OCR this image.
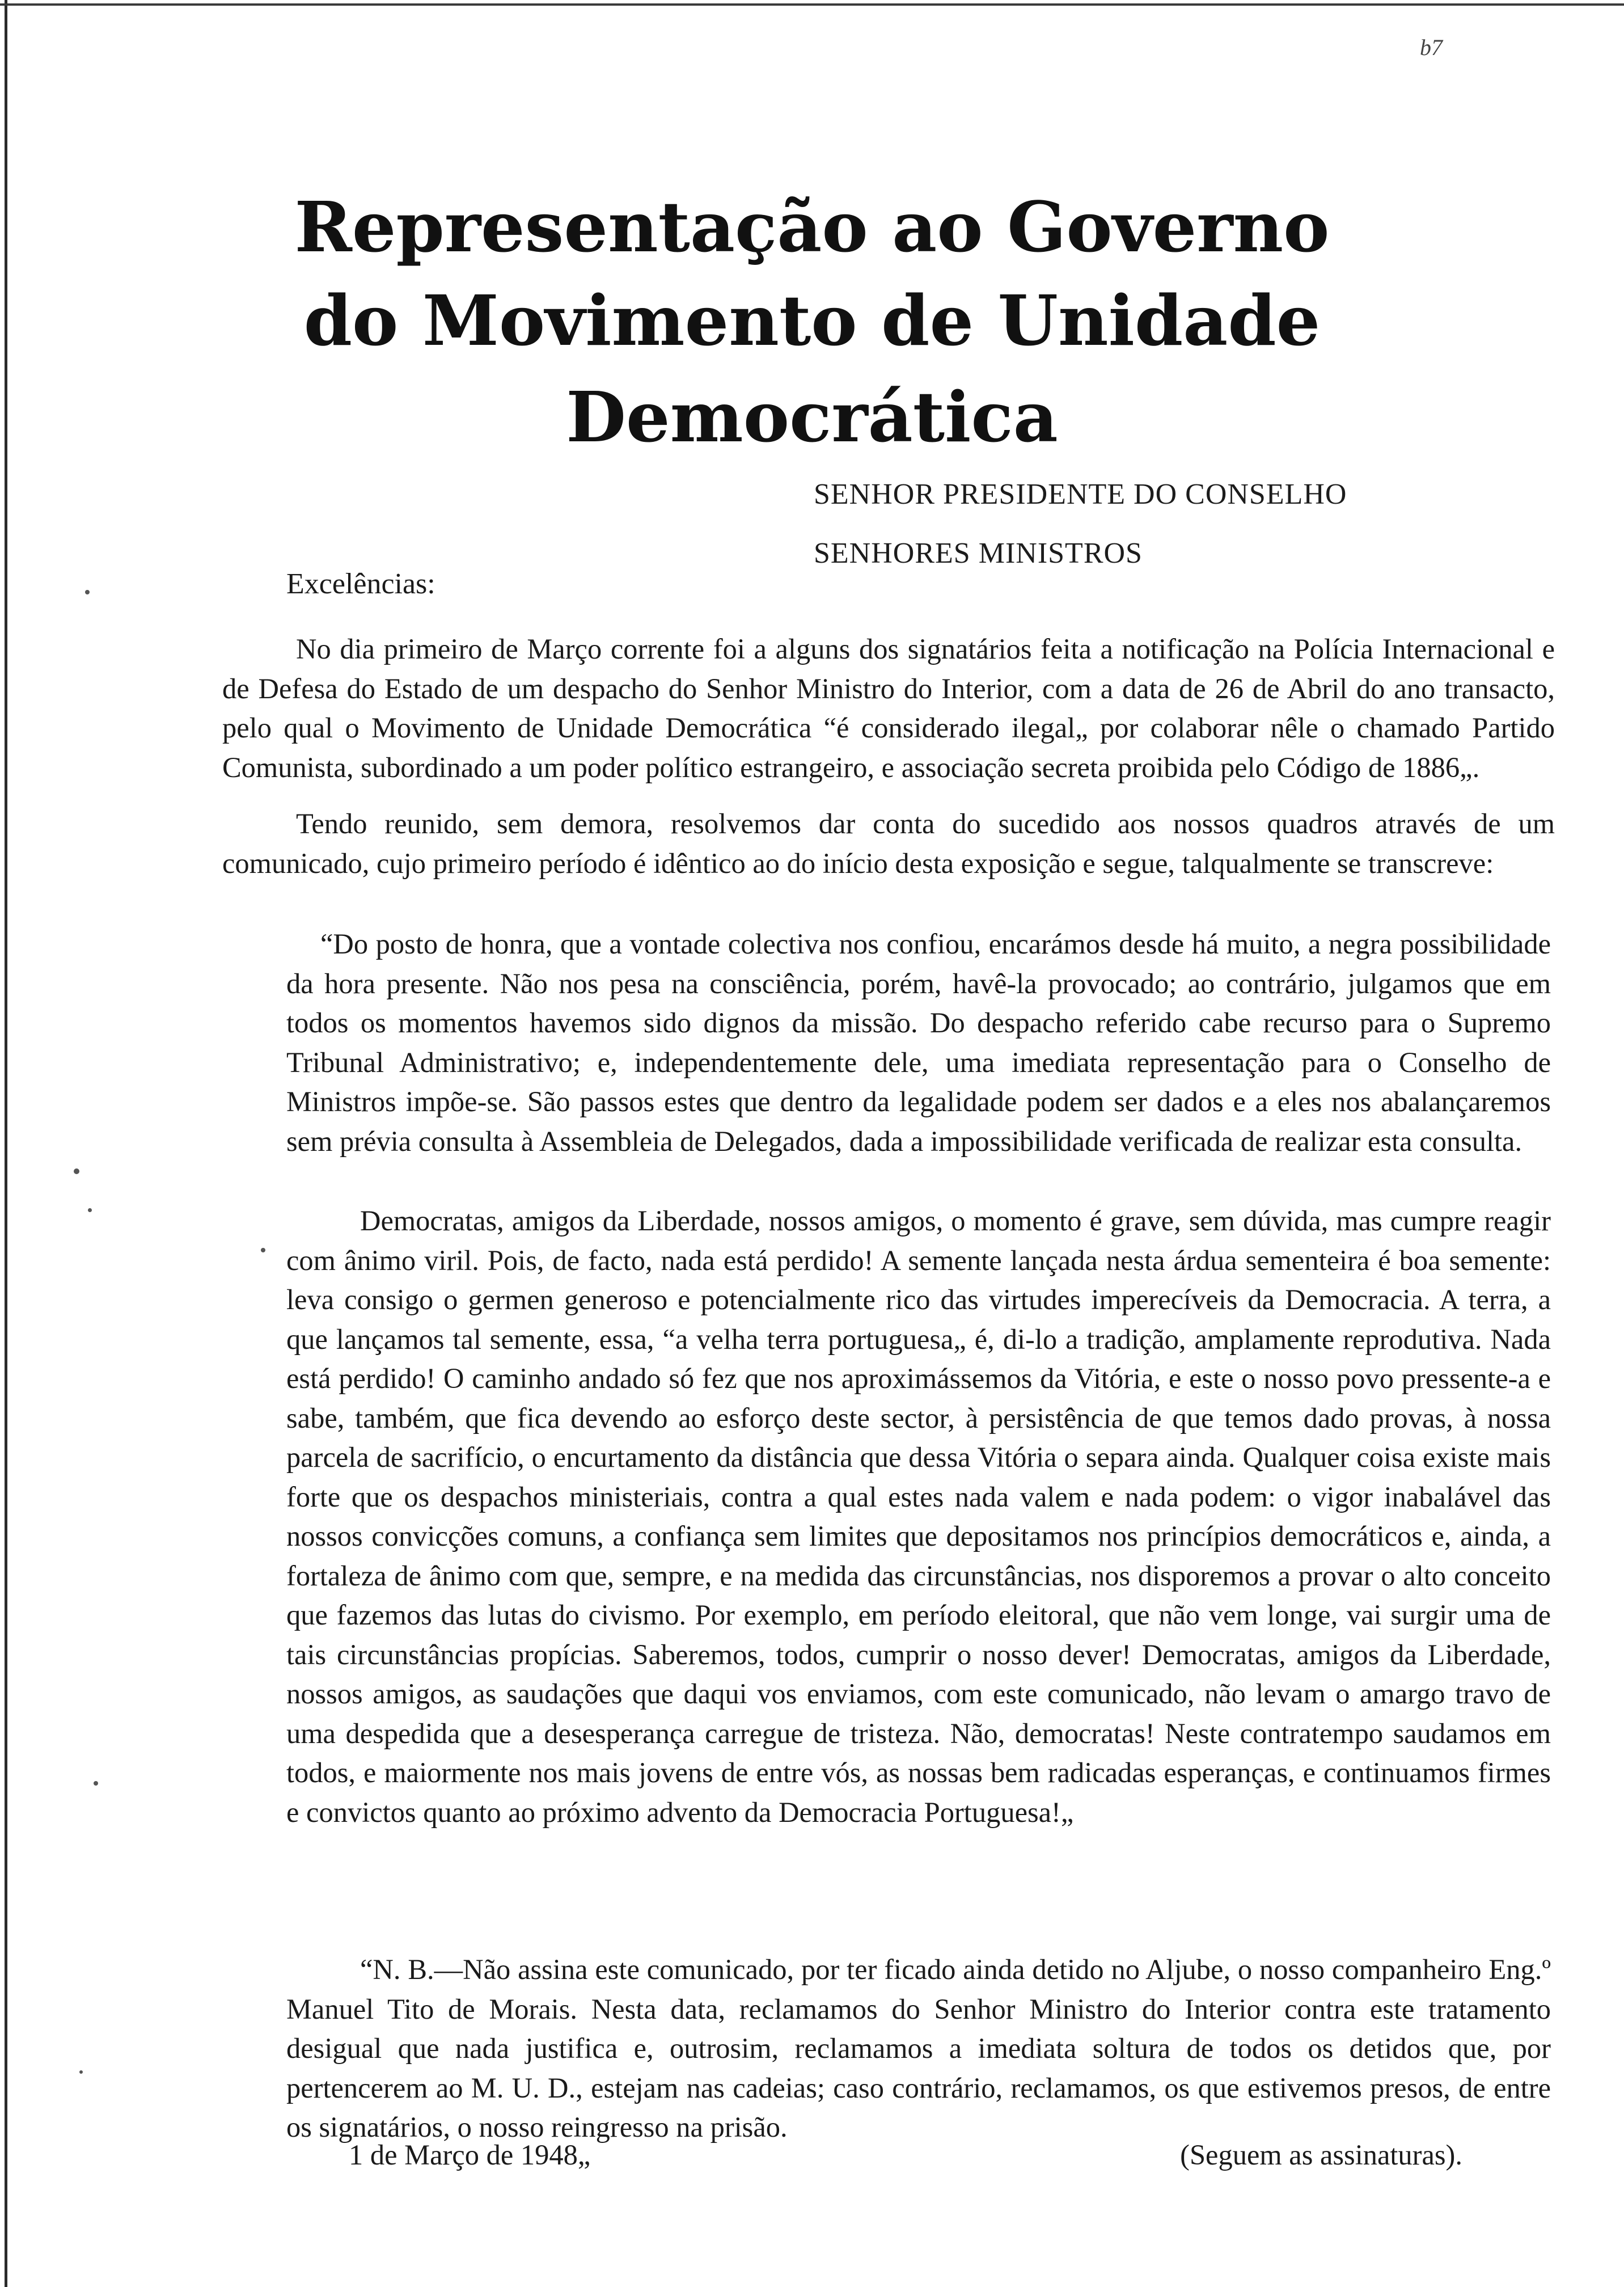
b7
Representação ao Governo
do Movimento de Unidade
Democrática
SENHOR PRESIDENTE DO CONSELHO
SENHORES MINISTROS
Excelências:

No dia primeiro de Março corrente foi a alguns dos signatários feita a notificação na Polícia Internacional e de Defesa do Estado de um despacho do Senhor Ministro do Interior, com a data de 26 de Abril do ano transacto, pelo qual o Movimento de Unidade Democrática “é considerado ilegal„ por colaborar nêle o chamado Partido Comunista, subordinado a um poder político estrangeiro, e associação secreta proibida pelo Código de 1886„.

Tendo reunido, sem demora, resolvemos dar conta do sucedido aos nossos quadros através de um comunicado, cujo primeiro período é idêntico ao do início desta exposição e segue, talqualmente se transcreve:

“Do posto de honra, que a vontade colectiva nos confiou, encarámos desde há muito, a negra possibilidade da hora presente. Não nos pesa na consciência, porém, havê-la provocado; ao contrário, julgamos que em todos os momentos havemos sido dignos da missão. Do despacho referido cabe recurso para o Supremo Tribunal Administrativo; e, independentemente dele, uma imediata representação para o Conselho de Ministros impõe-se. São passos estes que dentro da legalidade podem ser dados e a eles nos abalançaremos sem prévia consulta à Assembleia de Delegados, dada a impossibilidade verificada de realizar esta consulta.

Democratas, amigos da Liberdade, nossos amigos, o momento é grave, sem dúvida, mas cumpre reagir com ânimo viril. Pois, de facto, nada está perdido! A semente lançada nesta árdua sementeira é boa semente: leva consigo o germen generoso e potencialmente rico das virtudes imperecíveis da Democracia. A terra, a que lançamos tal semente, essa, “a velha terra portuguesa„ é, di-lo a tradição, amplamente reprodutiva. Nada está perdido! O caminho andado só fez que nos aproximássemos da Vitória, e este o nosso povo pressente-a e sabe, também, que fica devendo ao esforço deste sector, à persistência de que temos dado provas, à nossa parcela de sacrifício, o encurtamento da distância que dessa Vitória o separa ainda. Qualquer coisa existe mais forte que os despachos ministeriais, contra a qual estes nada valem e nada podem: o vigor inabalável das nossos convicções comuns, a confiança sem limites que depositamos nos princípios democráticos e, ainda, a fortaleza de ânimo com que, sempre, e na medida das circunstâncias, nos disporemos a provar o alto conceito que fazemos das lutas do civismo. Por exemplo, em período eleitoral, que não vem longe, vai surgir uma de tais circunstâncias propícias. Saberemos, todos, cumprir o nosso dever! Democratas, amigos da Liberdade, nossos amigos, as saudações que daqui vos enviamos, com este comunicado, não levam o amargo travo de uma despedida que a desesperança carregue de tristeza. Não, democratas! Neste contratempo saudamos em todos, e maiormente nos mais jovens de entre vós, as nossas bem radicadas esperanças, e continuamos firmes e convictos quanto ao próximo advento da Democracia Portuguesa!„

“N. B.—Não assina este comunicado, por ter ficado ainda detido no Aljube, o nosso companheiro Eng.º Manuel Tito de Morais. Nesta data, reclamamos do Senhor Ministro do Interior contra este tratamento desigual que nada justifica e, outrosim, reclamamos a imediata soltura de todos os detidos que, por pertencerem ao M. U. D., estejam nas cadeias; caso contrário, reclamamos, os que estivemos presos, de entre os signatários, o nosso reingresso na prisão.

1 de Março de 1948„	(Seguem as assinaturas).
